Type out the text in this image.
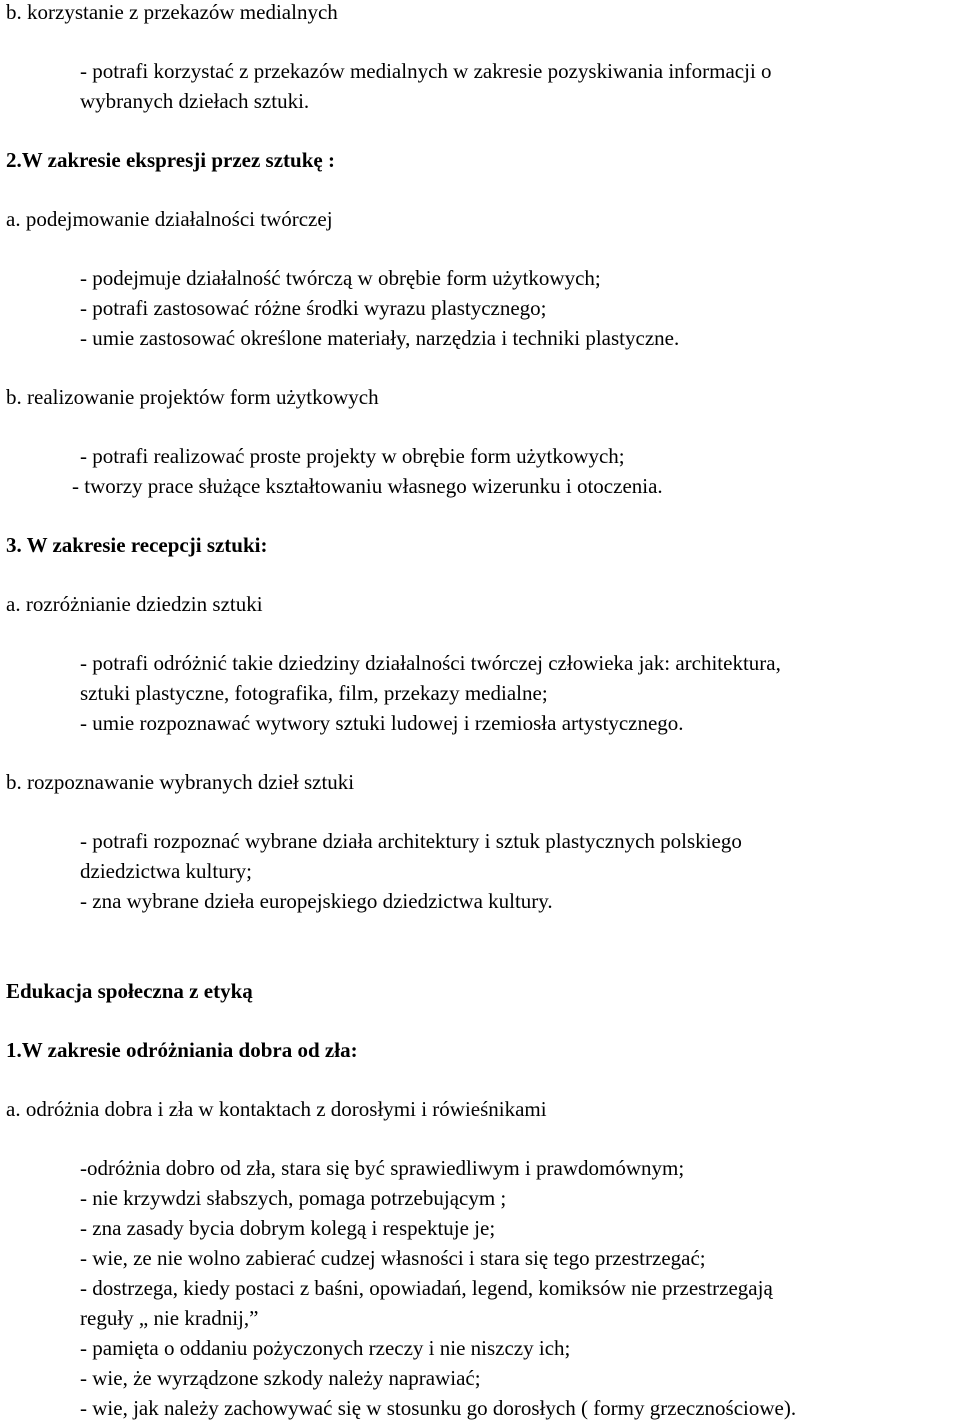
b. korzystanie z przekazów medialnych

- potrafi korzystać z przekazów medialnych w zakresie pozyskiwania informacji o

wybranych dziełach sztuki.

2.W zakresie ekspresji przez sztukę :

a. podejmowanie działalności twórczej

- podejmuje działalność twórczą w obrębie form użytkowych;

- potrafi zastosować różne środki wyrazu plastycznego;

- umie zastosować określone materiały, narzędzia i techniki plastyczne.

b. realizowanie projektów form użytkowych

- potrafi realizować proste projekty w obrębie form użytkowych;

- tworzy prace służące kształtowaniu własnego wizerunku i otoczenia.

3. W zakresie recepcji sztuki:

a. rozróżnianie dziedzin sztuki

- potrafi odróżnić takie dziedziny działalności twórczej człowieka jak: architektura,

sztuki plastyczne, fotografika, film, przekazy medialne;

- umie rozpoznawać wytwory sztuki ludowej i rzemiosła artystycznego.

b. rozpoznawanie wybranych dzieł sztuki

- potrafi rozpoznać wybrane działa architektury i sztuk plastycznych polskiego

dziedzictwa kultury;

- zna wybrane dzieła europejskiego dziedzictwa kultury.

Edukacja społeczna z etyką

1.W zakresie odróżniania dobra od zła:

a. odróżnia dobra i zła w kontaktach z dorosłymi i rówieśnikami

-odróżnia dobro od zła, stara się być sprawiedliwym i prawdomównym;

- nie krzywdzi słabszych, pomaga potrzebującym ;

- zna zasady bycia dobrym kolegą i respektuje je;

- wie, ze nie wolno zabierać cudzej własności i stara się tego przestrzegać;

- dostrzega, kiedy postaci z baśni, opowiadań, legend, komiksów nie przestrzegają

reguły „ nie kradnij,”

- pamięta o oddaniu pożyczonych rzeczy i nie niszczy ich;

- wie, że wyrządzone szkody należy naprawiać;

- wie, jak należy zachowywać się w stosunku go dorosłych ( formy grzecznościowe).
